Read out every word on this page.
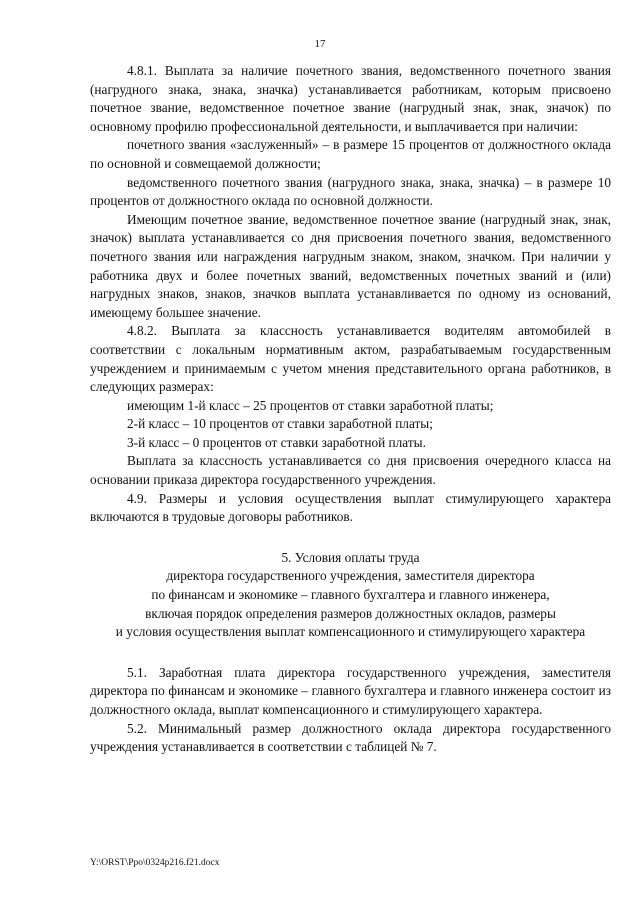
17

4.8.1. Выплата за наличие почетного звания, ведомственного почетного звания (нагрудного знака, знака, значка) устанавливается работникам, которым присвоено почетное звание, ведомственное почетное звание (нагрудный знак, знак, значок) по основному профилю профессиональной деятельности, и выплачивается при наличии:

почетного звания «заслуженный» – в размере 15 процентов от должностного оклада по основной и совмещаемой должности;

ведомственного почетного звания (нагрудного знака, знака, значка) – в размере 10 процентов от должностного оклада по основной должности.

Имеющим почетное звание, ведомственное почетное звание (нагрудный знак, знак, значок) выплата устанавливается со дня присвоения почетного звания, ведомственного почетного звания или награждения нагрудным знаком, знаком, значком. При наличии у работника двух и более почетных званий, ведомственных почетных званий и (или) нагрудных знаков, знаков, значков выплата устанавливается по одному из оснований, имеющему большее значение.

4.8.2. Выплата за классность устанавливается водителям автомобилей в соответствии с локальным нормативным актом, разрабатываемым государственным учреждением и принимаемым с учетом мнения представительного органа работников, в следующих размерах:

имеющим 1-й класс – 25 процентов от ставки заработной платы;

2-й класс – 10 процентов от ставки заработной платы;

3-й класс – 0 процентов от ставки заработной платы.

Выплата за классность устанавливается со дня присвоения очередного класса на основании приказа директора государственного учреждения.

4.9. Размеры и условия осуществления выплат стимулирующего характера включаются в трудовые договоры работников.

5. Условия оплаты труда
директора государственного учреждения, заместителя директора
по финансам и экономике – главного бухгалтера и главного инженера,
включая порядок определения размеров должностных окладов, размеры
и условия осуществления выплат компенсационного и стимулирующего характера

5.1. Заработная плата директора государственного учреждения, заместителя директора по финансам и экономике – главного бухгалтера и главного инженера состоит из должностного оклада, выплат компенсационного и стимулирующего характера.

5.2. Минимальный размер должностного оклада директора государственного учреждения устанавливается в соответствии с таблицей № 7.

Y:\ORST\Ppo\0324p216.f21.docx
